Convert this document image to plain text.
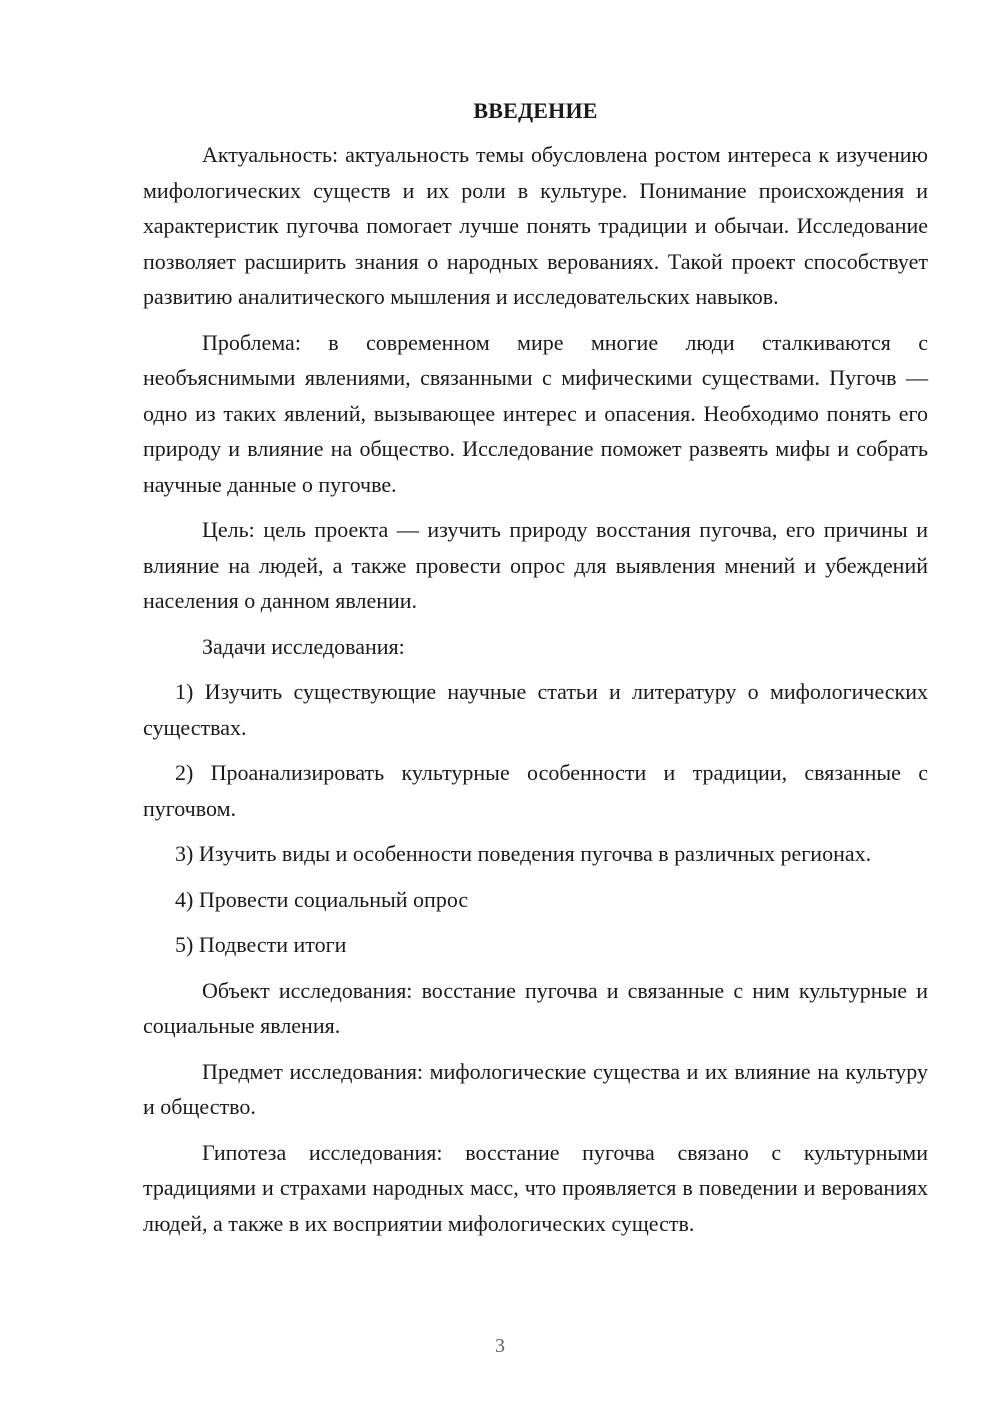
ВВЕДЕНИЕ

Актуальность: актуальность темы обусловлена ростом интереса к изучению мифологических существ и их роли в культуре. Понимание происхождения и характеристик пугочва помогает лучше понять традиции и обычаи. Исследование позволяет расширить знания о народных верованиях. Такой проект способствует развитию аналитического мышления и исследовательских навыков.

Проблема: в современном мире многие люди сталкиваются с необъяснимыми явлениями, связанными с мифическими существами. Пугочв — одно из таких явлений, вызывающее интерес и опасения. Необходимо понять его природу и влияние на общество. Исследование поможет развеять мифы и собрать научные данные о пугочве.

Цель: цель проекта — изучить природу восстания пугочва, его причины и влияние на людей, а также провести опрос для выявления мнений и убеждений населения о данном явлении.

Задачи исследования:

1) Изучить существующие научные статьи и литературу о мифологических существах.

2) Проанализировать культурные особенности и традиции, связанные с пугочвом.

3) Изучить виды и особенности поведения пугочва в различных регионах.

4) Провести социальный опрос

5) Подвести итоги

Объект исследования: восстание пугочва и связанные с ним культурные и социальные явления.

Предмет исследования: мифологические существа и их влияние на культуру и общество.

Гипотеза исследования: восстание пугочва связано с культурными традициями и страхами народных масс, что проявляется в поведении и верованиях людей, а также в их восприятии мифологических существ.

3
